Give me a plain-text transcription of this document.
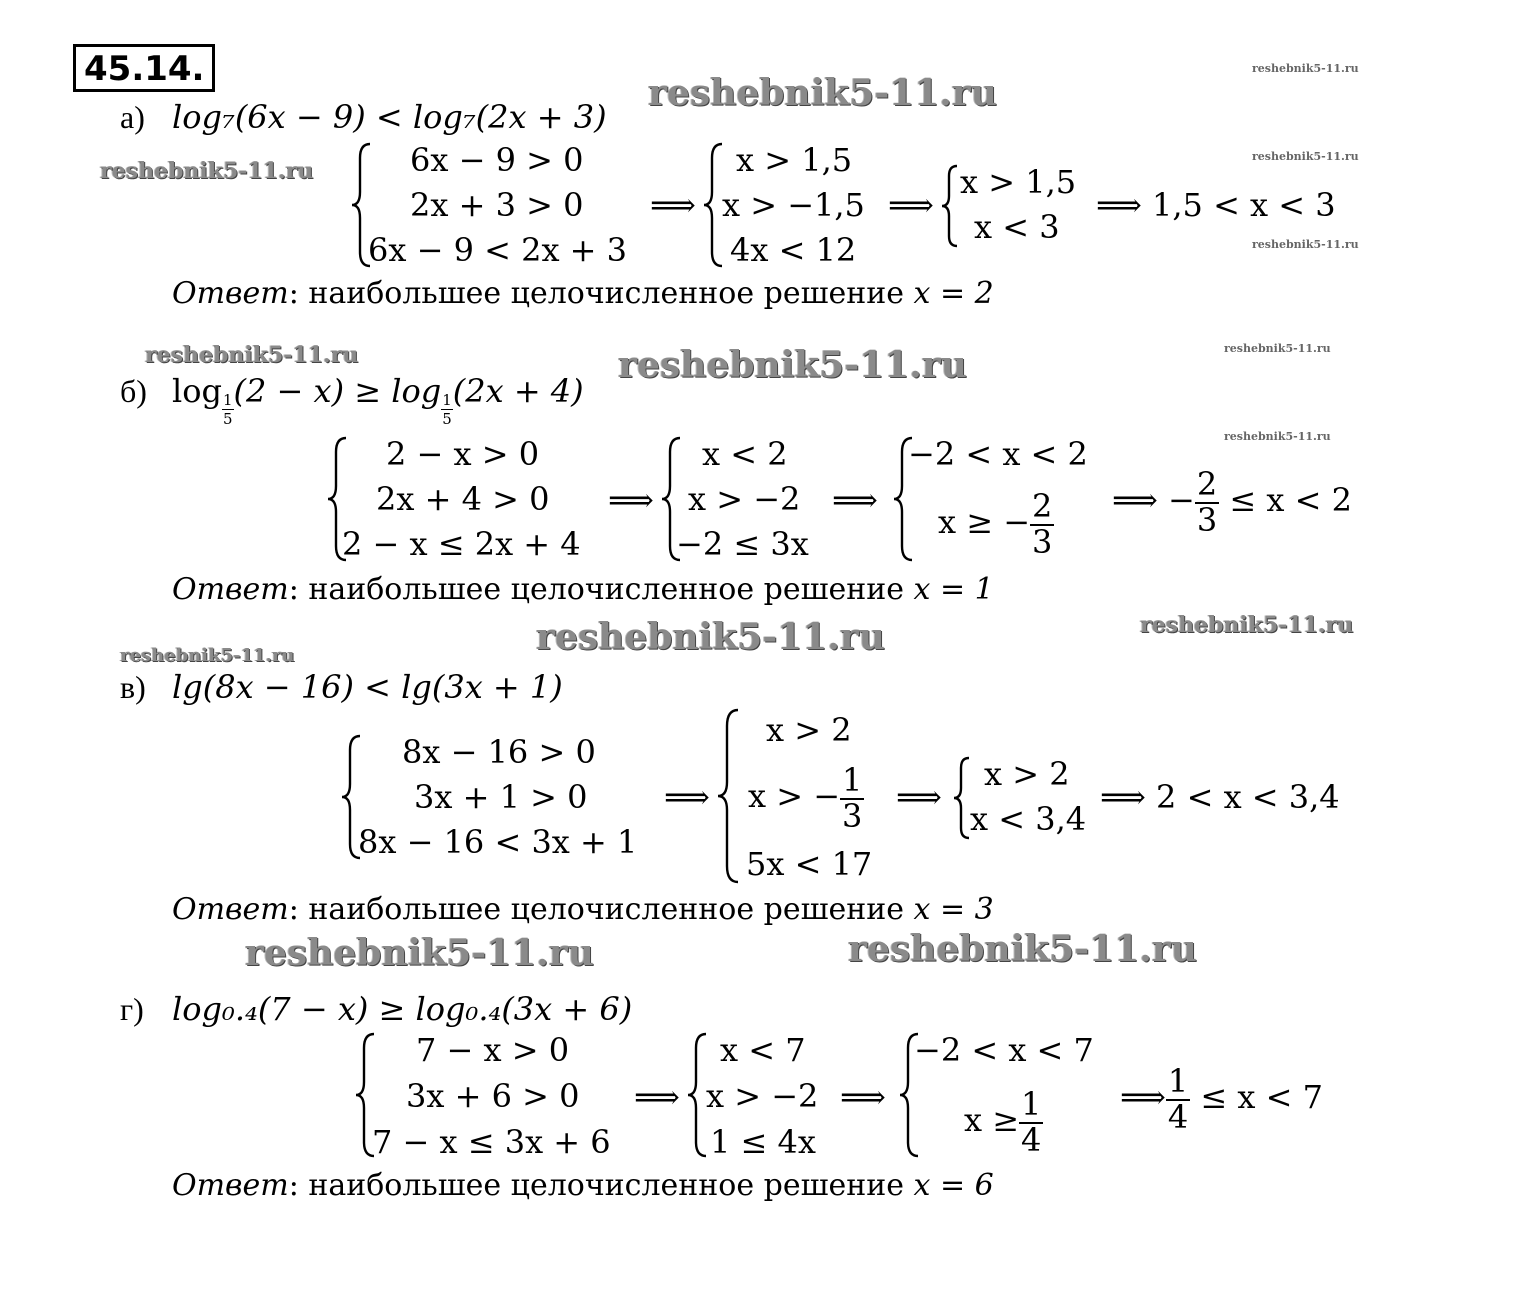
45.14.
reshebnik5-11.ru
reshebnik5-11.ru
reshebnik5-11.ru	reshebnik5-11.ru
reshebnik5-11.ru	reshebnik5-11.ru
reshebnik5-11.ru
reshebnik5-11.ru	reshebnik5-11.ru
reshebnik5-11.ru
reshebnik5-11.ru
reshebnik5-11.ru
reshebnik5-11.ru
reshebnik5-11.ru
а) log₇(6x − 9) < log₇(2x + 3)
6x − 9 > 0
2x + 3 > 0
6x − 9 < 2x + 3
⟹
x > 1,5
x > −1,5
4x < 12
⟹
x > 1,5
x < 3
⟹ 1,5 < x < 3
Ответ: наибольшее целочисленное решение x = 2
б) $\log \frac{1}{5} (2 - x) \ge \log \frac{1}{5} (2x + 4)$
2 − x > 0
2x + 4 > 0
2 − x ≤ 2x + 4
⟹
x < 2
x > −2
−2 ≤ 3x
⟹
−2 < x < 2
x ≥ − $\frac{2}{3}$ ⟹ − $\frac{2}{3} \le x < 2$
Ответ: наибольшее целочисленное решение x = 1
в) lg(8x − 16) < lg(3x + 1)
8x − 16 > 0
3x + 1 > 0
8x − 16 < 3x + 1
⟹
x > 2
x > − $\frac{1}{3}$
5x < 17
⟹
x > 2
x < 3,4
⟹ 2 < x < 3,4
Ответ: наибольшее целочисленное решение x = 3
г) log₀.₄(7 − x) ≥ log₀.₄(3x + 6)
7 − x > 0
3x + 6 > 0
7 − x ≤ 3x + 6
⟹
x < 7
x > −2
1 ≤ 4x
⟹
−2 < x < 7
$x \ge \frac{1}{4}$ ⟹ $\frac{1}{4} \le x < 7$
Ответ: наибольшее целочисленное решение x = 6
